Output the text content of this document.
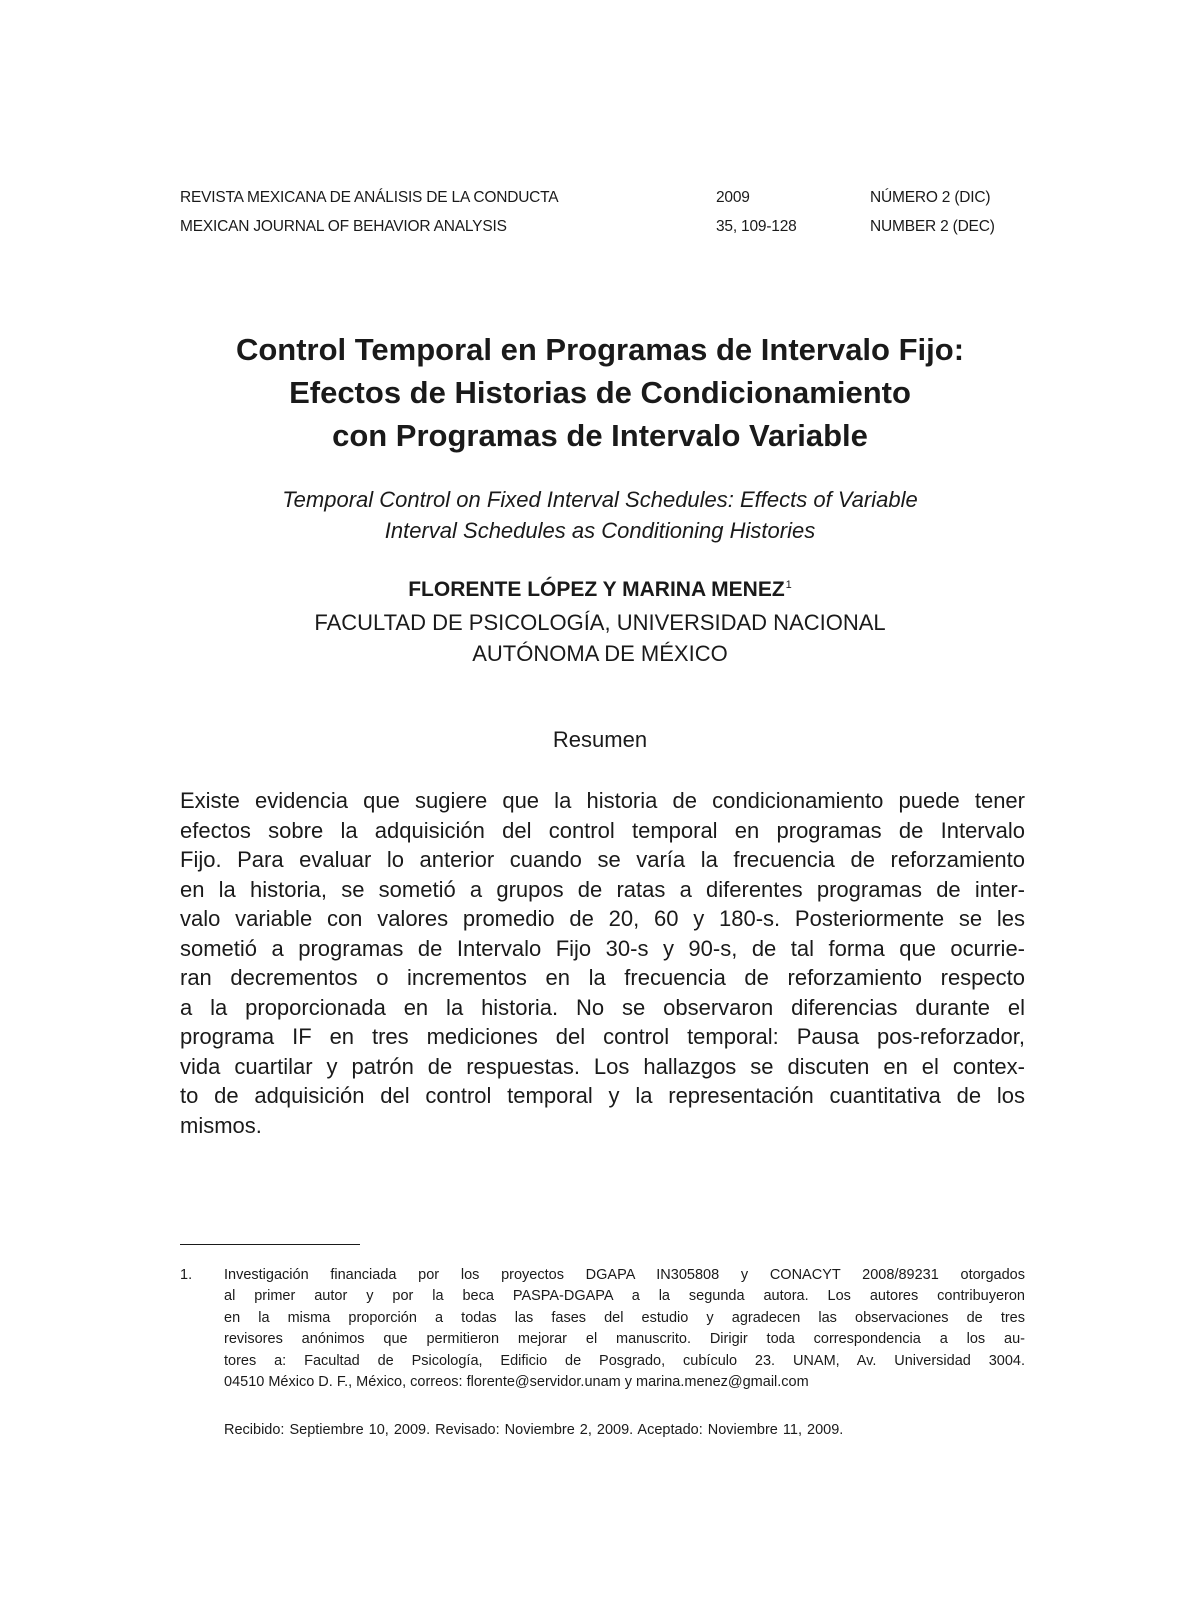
REVISTA MEXICANA DE ANÁLISIS DE LA CONDUCTA	2009	NÚMERO 2 (DIC)
MEXICAN JOURNAL OF BEHAVIOR ANALYSIS	35, 109-128	NUMBER 2 (DEC)
Control Temporal en Programas de Intervalo Fijo:
Efectos de Historias de Condicionamiento
con Programas de Intervalo Variable

Temporal Control on Fixed Interval Schedules: Effects of Variable
Interval Schedules as Conditioning Histories

FLORENTE LÓPEZ Y MARINA MENEZ$^1$

FACULTAD DE PSICOLOGÍA, UNIVERSIDAD NACIONAL
AUTÓNOMA DE MÉXICO

Resumen
Existe evidencia que sugiere que la historia de condicionamiento puede tener
efectos sobre la adquisición del control temporal en programas de Intervalo
Fijo. Para evaluar lo anterior cuando se varía la frecuencia de reforzamiento
en la historia, se sometió a grupos de ratas a diferentes programas de inter-
valo variable con valores promedio de 20, 60 y 180-s. Posteriormente se les
sometió a programas de Intervalo Fijo 30-s y 90-s, de tal forma que ocurrie-
ran decrementos o incrementos en la frecuencia de reforzamiento respecto
a la proporcionada en la historia. No se observaron diferencias durante el
programa IF en tres mediciones del control temporal: Pausa pos-reforzador,
vida cuartilar y patrón de respuestas. Los hallazgos se discuten en el contex-
to de adquisición del control temporal y la representación cuantitativa de los
mismos.
1. Investigación financiada por los proyectos DGAPA IN305808 y CONACYT 2008/89231 otorgados
al primer autor y por la beca PASPA-DGAPA a la segunda autora. Los autores contribuyeron
en la misma proporción a todas las fases del estudio y agradecen las observaciones de tres
revisores anónimos que permitieron mejorar el manuscrito. Dirigir toda correspondencia a los au-
tores a: Facultad de Psicología, Edificio de Posgrado, cubículo 23. UNAM, Av. Universidad 3004.
04510 México D. F., México, correos: florente@servidor.unam y marina.menez@gmail.com
Recibido: Septiembre 10, 2009. Revisado: Noviembre 2, 2009. Aceptado: Noviembre 11, 2009.
